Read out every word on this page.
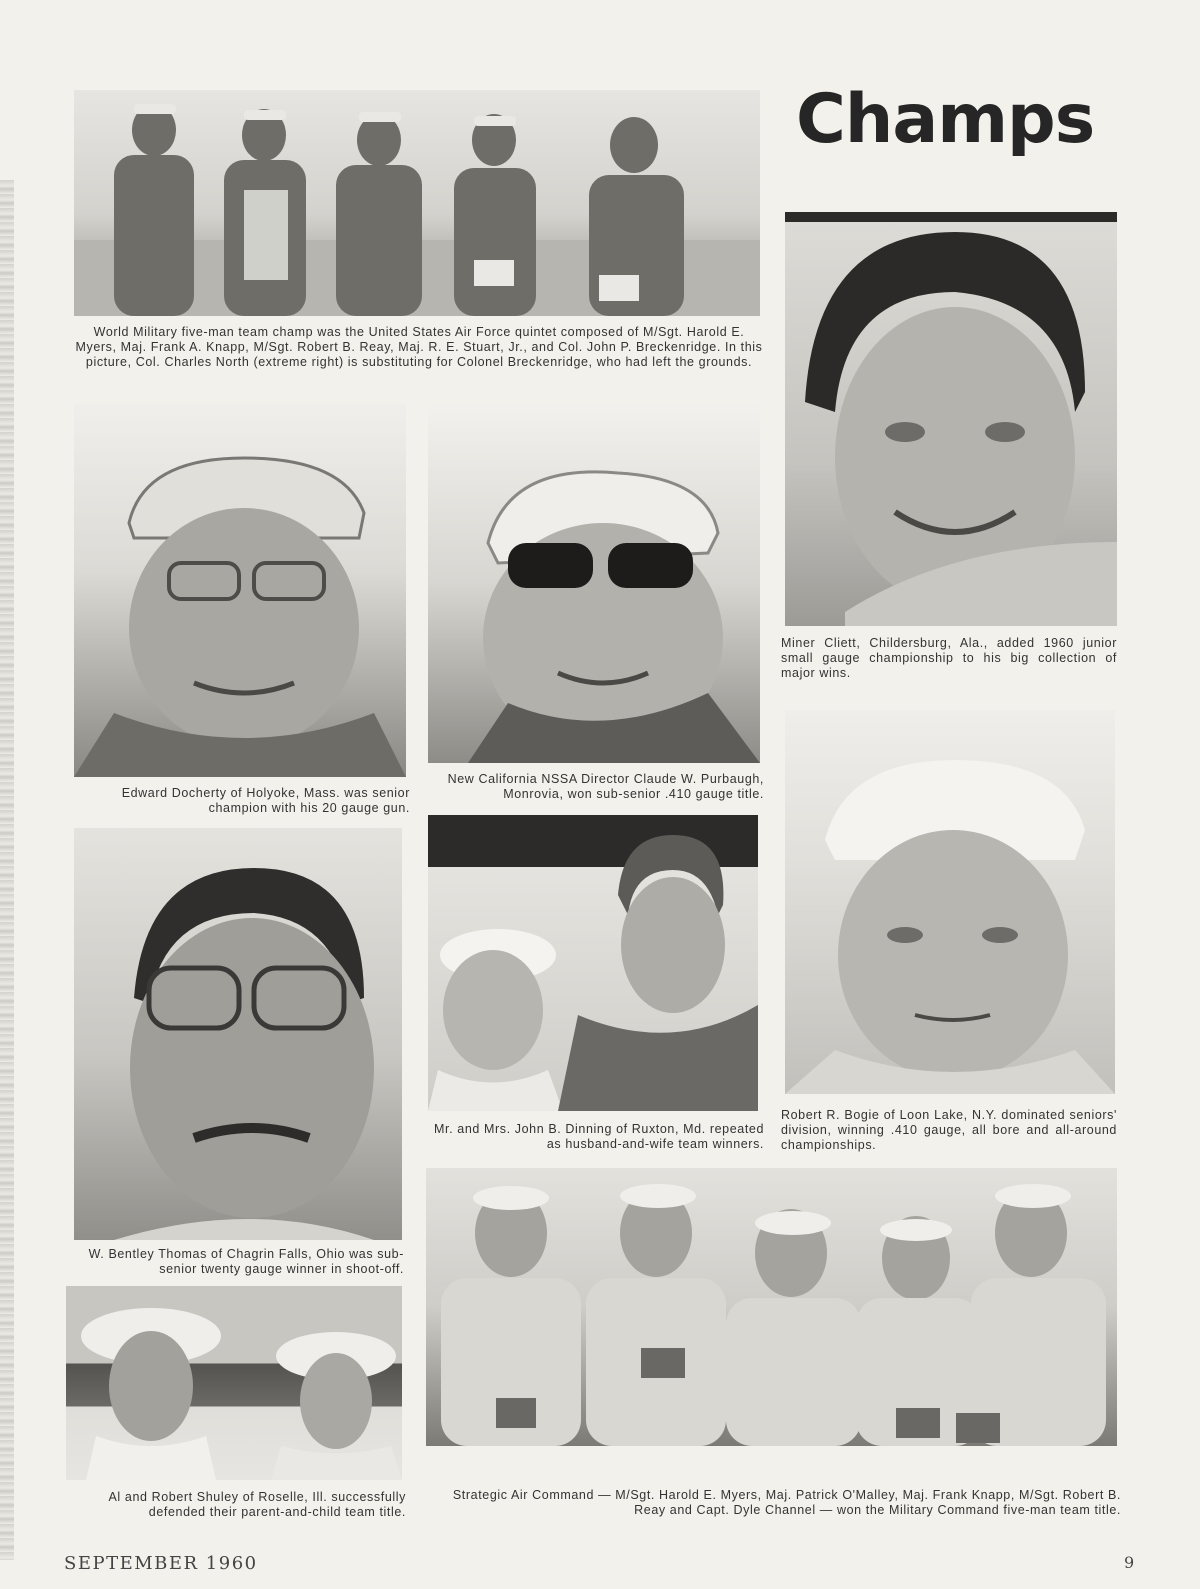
Champs
World Military five-man team champ was the United States Air Force quintet composed of M/Sgt. Harold E. Myers, Maj. Frank A. Knapp, M/Sgt. Robert B. Reay, Maj. R. E. Stuart, Jr., and Col. John P. Breckenridge. In this picture, Col. Charles North (extreme right) is substituting for Colonel Breckenridge, who had left the grounds.
Miner Cliett, Childersburg, Ala., added 1960 junior small gauge championship to his big collection of major wins.
Edward Docherty of Holyoke, Mass. was senior champion with his 20 gauge gun.
New California NSSA Director Claude W. Purbaugh, Monrovia, won sub-senior .410 gauge title.
Robert R. Bogie of Loon Lake, N.Y. dominated seniors' division, winning .410 gauge, all bore and all-around championships.
W. Bentley Thomas of Chagrin Falls, Ohio was sub-senior twenty gauge winner in shoot-off.
Mr. and Mrs. John B. Dinning of Ruxton, Md. repeated as husband-and-wife team winners.
Al and Robert Shuley of Roselle, Ill. successfully defended their parent-and-child team title.
Strategic Air Command — M/Sgt. Harold E. Myers, Maj. Patrick O'Malley, Maj. Frank Knapp, M/Sgt. Robert B. Reay and Capt. Dyle Channel — won the Military Command five-man team title.
SEPTEMBER 1960	9
